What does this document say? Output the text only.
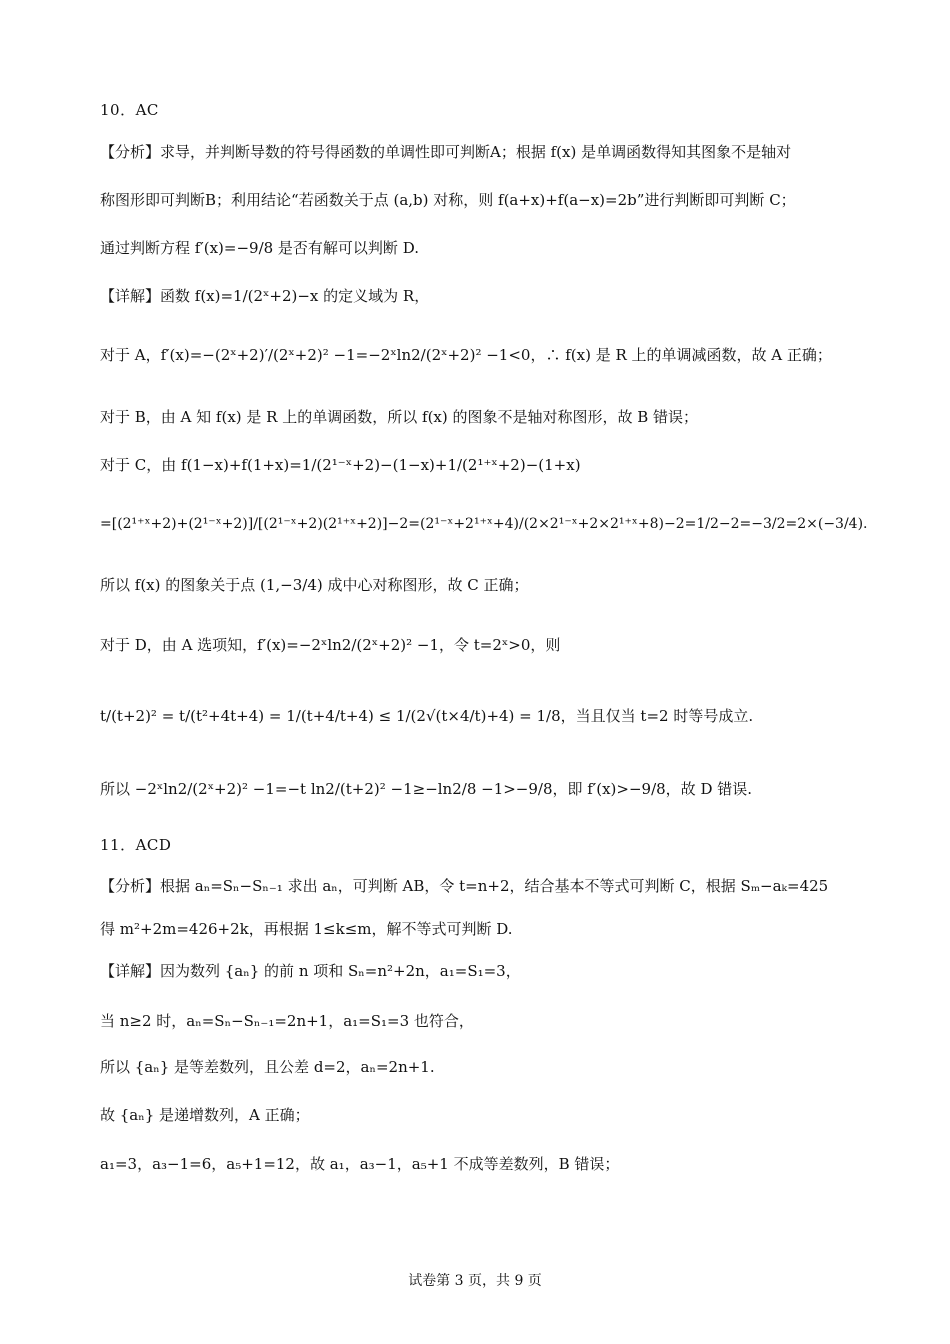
10．AC
【分析】求导，并判断导数的符号得函数的单调性即可判断A；根据 f(x) 是单调函数得知其图象不是轴对
称图形即可判断B；利用结论“若函数关于点 (a,b) 对称，则 f(a+x)+f(a−x)=2b”进行判断即可判断 C；
通过判断方程 f′(x)=−9/8 是否有解可以判断 D.
【详解】函数 f(x)=1/(2ˣ+2)−x 的定义域为 R，
对于 A，f′(x)=−(2ˣ+2)′/(2ˣ+2)² −1=−2ˣln2/(2ˣ+2)² −1<0，∴ f(x) 是 R 上的单调减函数，故 A 正确；
对于 B，由 A 知 f(x) 是 R 上的单调函数，所以 f(x) 的图象不是轴对称图形，故 B 错误；
对于 C，由 f(1−x)+f(1+x)=1/(2¹⁻ˣ+2)−(1−x)+1/(2¹⁺ˣ+2)−(1+x)
=[(2¹⁺ˣ+2)+(2¹⁻ˣ+2)]/[(2¹⁻ˣ+2)(2¹⁺ˣ+2)]−2=(2¹⁻ˣ+2¹⁺ˣ+4)/(2×2¹⁻ˣ+2×2¹⁺ˣ+8)−2=1/2−2=−3/2=2×(−3/4).
所以 f(x) 的图象关于点 (1,−3/4) 成中心对称图形，故 C 正确；
对于 D，由 A 选项知，f′(x)=−2ˣln2/(2ˣ+2)² −1，令 t=2ˣ>0，则
t/(t+2)² = t/(t²+4t+4) = 1/(t+4/t+4) ≤ 1/(2√(t×4/t)+4) = 1/8，当且仅当 t=2 时等号成立.
所以 −2ˣln2/(2ˣ+2)² −1=−t ln2/(t+2)² −1≥−ln2/8 −1>−9/8，即 f′(x)>−9/8，故 D 错误.
11．ACD
【分析】根据 aₙ=Sₙ−Sₙ₋₁ 求出 aₙ，可判断 AB，令 t=n+2，结合基本不等式可判断 C，根据 Sₘ−aₖ=425
得 m²+2m=426+2k，再根据 1≤k≤m，解不等式可判断 D.
【详解】因为数列 {aₙ} 的前 n 项和 Sₙ=n²+2n，a₁=S₁=3，
当 n≥2 时，aₙ=Sₙ−Sₙ₋₁=2n+1，a₁=S₁=3 也符合，
所以 {aₙ} 是等差数列，且公差 d=2，aₙ=2n+1.
故 {aₙ} 是递增数列，A 正确；
a₁=3，a₃−1=6，a₅+1=12，故 a₁，a₃−1，a₅+1 不成等差数列，B 错误；
试卷第 3 页，共 9 页
